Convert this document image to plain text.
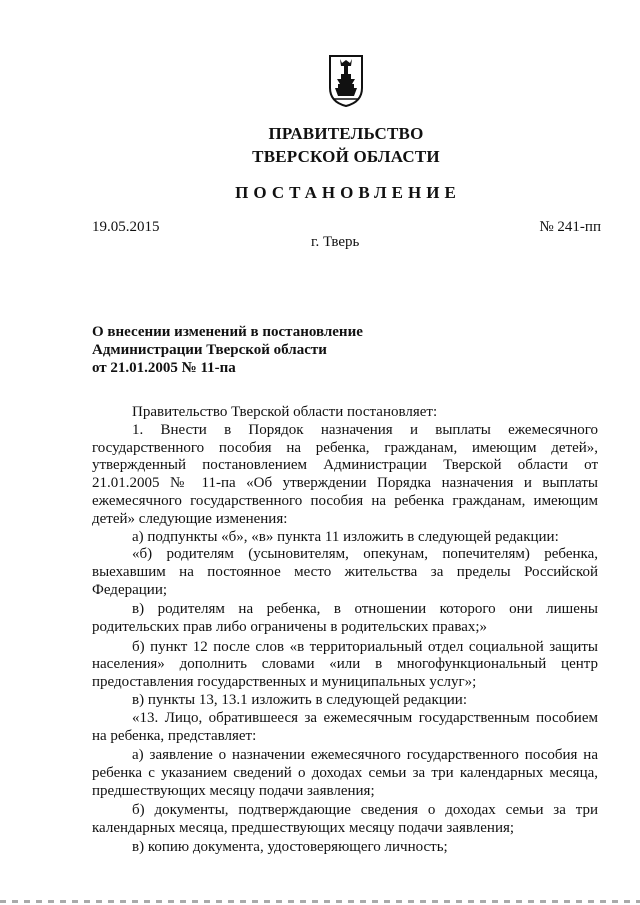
ПРАВИТЕЛЬСТВО
ТВЕРСКОЙ ОБЛАСТИ
ПОСТАНОВЛЕНИЕ
19.05.2015	№ 241-пп
г. Тверь
О внесении изменений в постановление
Администрации Тверской области
от 21.01.2005 № 11-па

Правительство Тверской области постановляет:

1. Внести в Порядок назначения и выплаты ежемесячного государственного пособия на ребенка, гражданам, имеющим детей», утвержденный постановлением Администрации Тверской области от 21.01.2005 № 11-па «Об утверждении Порядка назначения и выплаты ежемесячного государственного пособия на ребенка гражданам, имеющим детей» следующие изменения:

а) подпункты «б», «в» пункта 11 изложить в следующей редакции:

«б) родителям (усыновителям, опекунам, попечителям) ребенка, выехавшим на постоянное место жительства за пределы Российской Федерации;

в) родителям на ребенка, в отношении которого они лишены родительских прав либо ограничены в родительских правах;»

б) пункт 12 после слов «в территориальный отдел социальной защиты населения» дополнить словами «или в многофункциональный центр предоставления государственных и муниципальных услуг»;

в) пункты 13, 13.1 изложить в следующей редакции:

«13. Лицо, обратившееся за ежемесячным государственным пособием на ребенка, представляет:

а) заявление о назначении ежемесячного государственного пособия на ребенка с указанием сведений о доходах семьи за три календарных месяца, предшествующих месяцу подачи заявления;

б) документы, подтверждающие сведения о доходах семьи за три календарных месяца, предшествующих месяцу подачи заявления;

в) копию документа, удостоверяющего личность;
